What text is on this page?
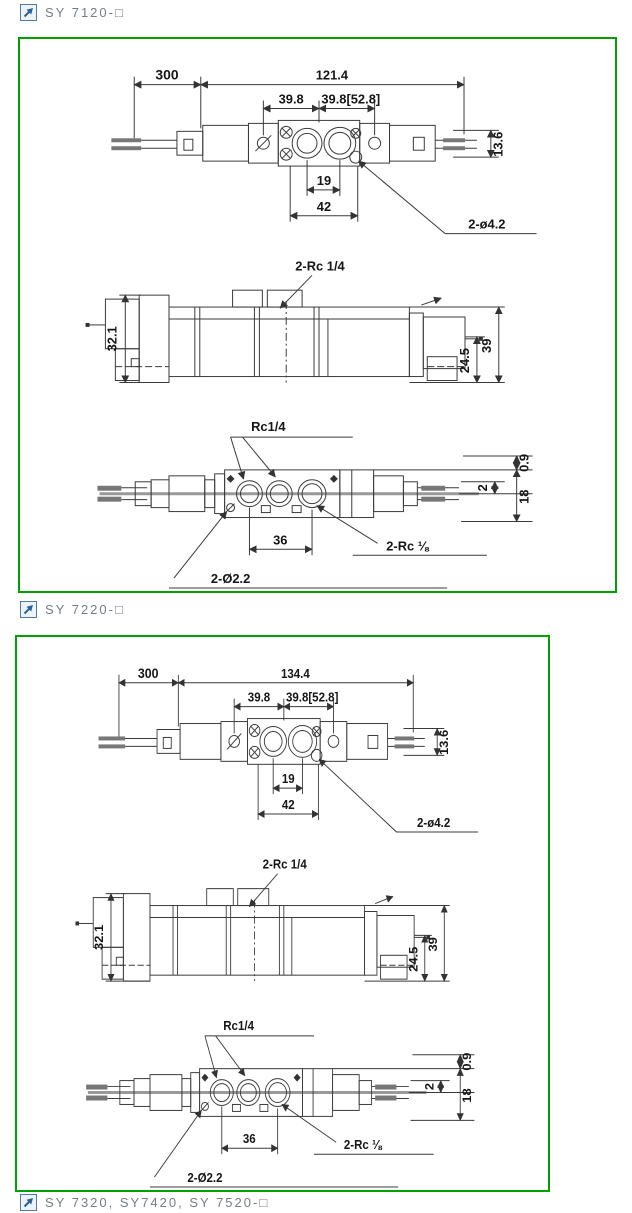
SY 7120-□
300	121.4
39.8 39.8[52.8]
13.6
19
42
2-ø4.2
2-Rc 1/4
32.1
24.5
39
Rc1/4
0.9
2
18
36	2-Rc ⅛
2-Ø2.2
SY 7220-□
300	134.4
39.8 39.8[52.8]
13.6
19
42
2-ø4.2
2-Rc 1/4
32.1
24.5
39
Rc1/4
0.9
2
18
36	2-Rc ⅛
2-Ø2.2
SY 7320, SY7420, SY 7520-□
